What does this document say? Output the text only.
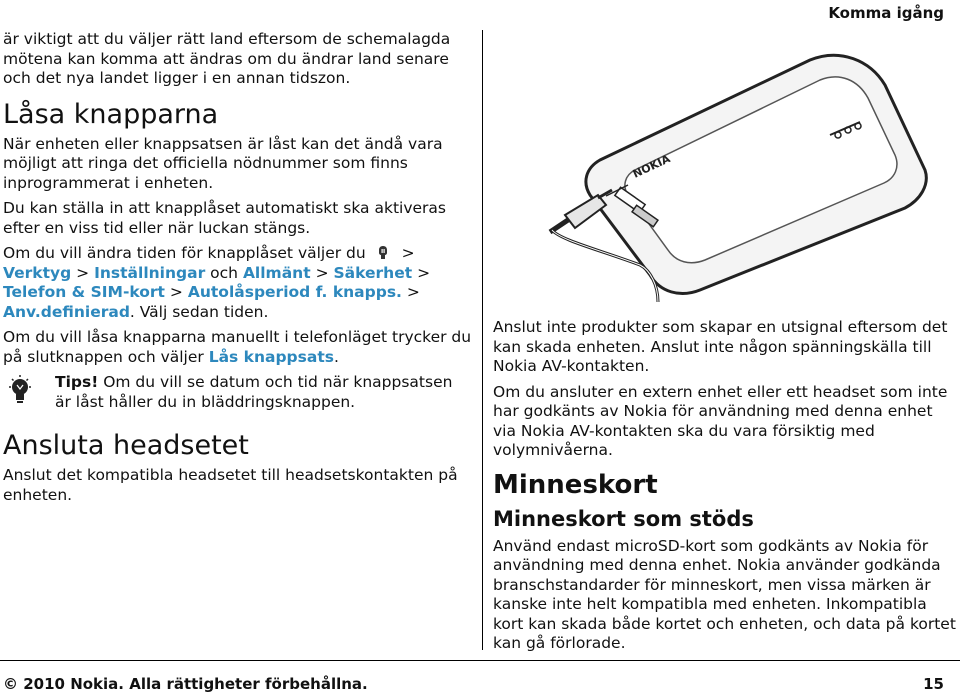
Komma igång

är viktigt att du väljer rätt land eftersom de schemalagda mötena kan komma att ändras om du ändrar land senare och det nya landet ligger i en annan tidszon.

Låsa knapparna

När enheten eller knappsatsen är låst kan det ändå vara möjligt att ringa det officiella nödnummer som finns inprogrammerat i enheten.

Du kan ställa in att knapplåset automatiskt ska aktiveras efter en viss tid eller när luckan stängs.

Om du vill ändra tiden för knapplåset väljer du > Verktyg > Inställningar och Allmänt > Säkerhet > Telefon & SIM-kort > Autolåsperiod f. knapps. > Anv.definierad. Välj sedan tiden.

Om du vill låsa knapparna manuellt i telefonläget trycker du på slutknappen och väljer Lås knappsats.

Tips! Om du vill se datum och tid när knappsatsen är låst håller du in bläddringsknappen.

Ansluta headsetet

Anslut det kompatibla headsetet till headsetskontakten på enheten.

NOKIA

Anslut inte produkter som skapar en utsignal eftersom det kan skada enheten. Anslut inte någon spänningskälla till Nokia AV-kontakten.

Om du ansluter en extern enhet eller ett headset som inte har godkänts av Nokia för användning med denna enhet via Nokia AV-kontakten ska du vara försiktig med volymnivåerna.

Minneskort
Minneskort som stöds

Använd endast microSD-kort som godkänts av Nokia för användning med denna enhet. Nokia använder godkända branschstandarder för minneskort, men vissa märken är kanske inte helt kompatibla med enheten. Inkompatibla kort kan skada både kortet och enheten, och data på kortet kan gå förlorade.

© 2010 Nokia. Alla rättigheter förbehållna.	15
